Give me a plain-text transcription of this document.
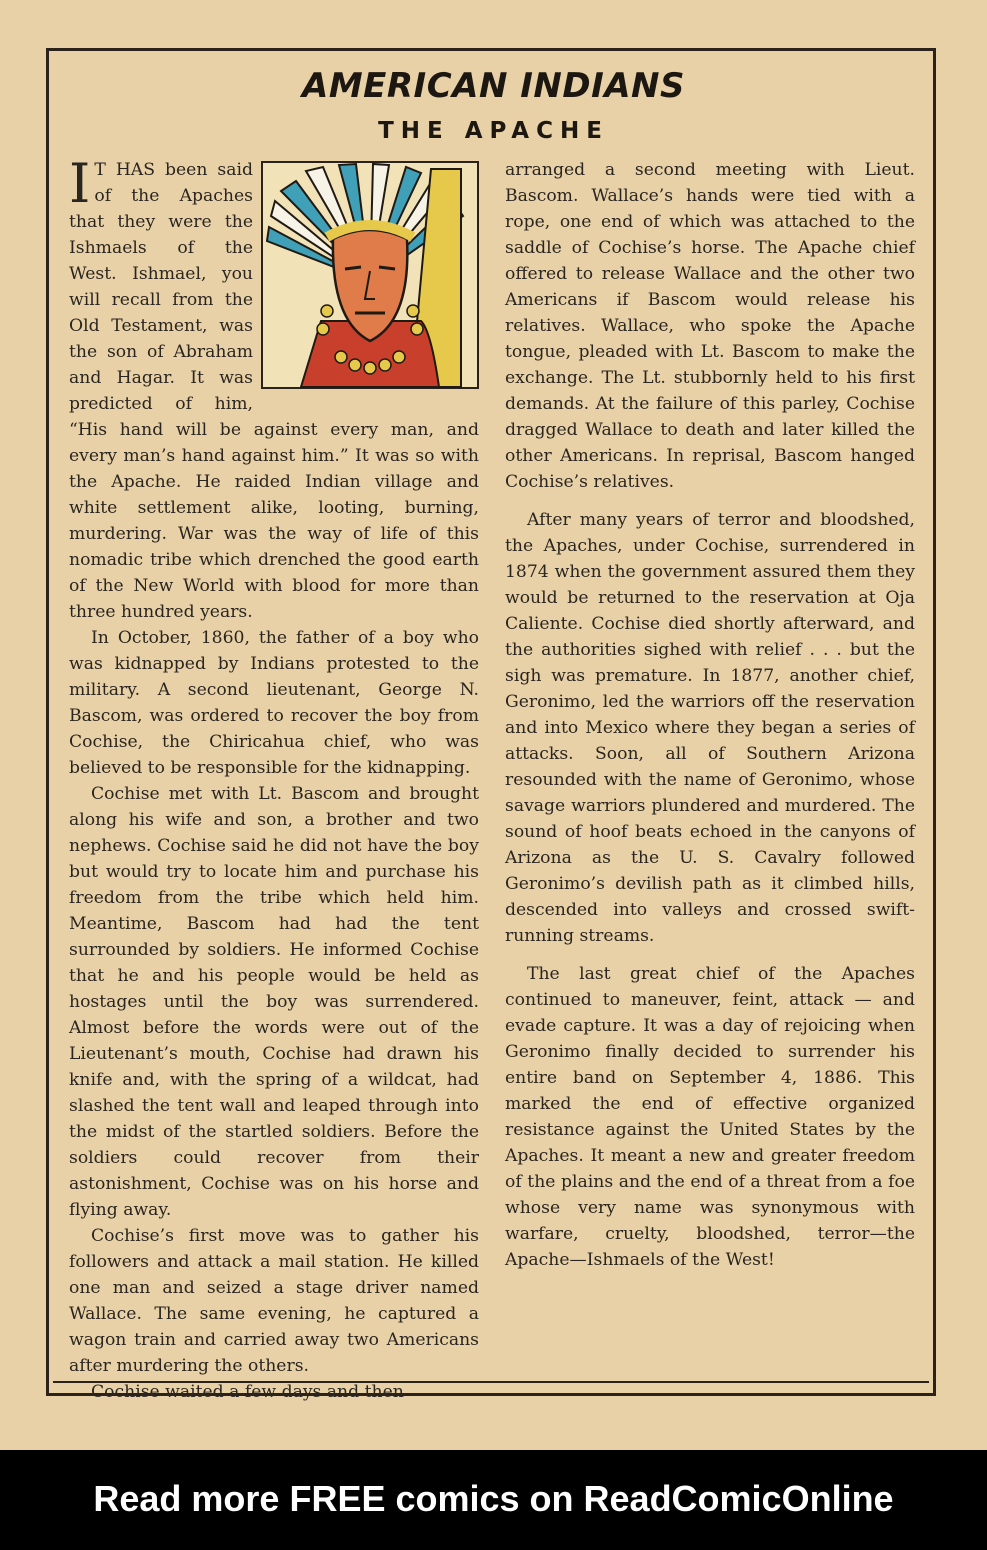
AMERICAN INDIANS
THE APACHE

I T HAS been said of the Apaches that they were the Ishmaels of the West. Ishmael, you will recall from the Old Testament, was the son of Abraham and Hagar. It was predicted of him, “His hand will be against every man, and every man’s hand against him.” It was so with the Apache. He raided Indian village and white settlement alike, looting, burning, murdering. War was the way of life of this nomadic tribe which drenched the good earth of the New World with blood for more than three hundred years.

In October, 1860, the father of a boy who was kidnapped by Indians protested to the military. A second lieutenant, George N. Bascom, was ordered to recover the boy from Cochise, the Chiricahua chief, who was believed to be responsible for the kidnapping.

Cochise met with Lt. Bascom and brought along his wife and son, a brother and two nephews. Cochise said he did not have the boy but would try to locate him and purchase his freedom from the tribe which held him. Meantime, Bascom had had the tent surrounded by soldiers. He informed Cochise that he and his people would be held as hostages until the boy was surrendered. Almost before the words were out of the Lieutenant’s mouth, Cochise had drawn his knife and, with the spring of a wildcat, had slashed the tent wall and leaped through into the midst of the startled soldiers. Before the soldiers could recover from their astonishment, Cochise was on his horse and flying away.

Cochise’s first move was to gather his followers and attack a mail station. He killed one man and seized a stage driver named Wallace. The same evening, he captured a wagon train and carried away two Americans after murdering the others.

Cochise waited a few days and then

arranged a second meeting with Lieut. Bascom. Wallace’s hands were tied with a rope, one end of which was attached to the saddle of Cochise’s horse. The Apache chief offered to release Wallace and the other two Americans if Bascom would release his relatives. Wallace, who spoke the Apache tongue, pleaded with Lt. Bascom to make the exchange. The Lt. stubbornly held to his first demands. At the failure of this parley, Cochise dragged Wallace to death and later killed the other Americans. In reprisal, Bascom hanged Cochise’s relatives.

After many years of terror and bloodshed, the Apaches, under Cochise, surrendered in 1874 when the government assured them they would be returned to the reservation at Oja Caliente. Cochise died shortly afterward, and the authorities sighed with relief . . . but the sigh was premature. In 1877, another chief, Geronimo, led the warriors off the reservation and into Mexico where they began a series of attacks. Soon, all of Southern Arizona resounded with the name of Geronimo, whose savage warriors plundered and murdered. The sound of hoof beats echoed in the canyons of Arizona as the U. S. Cavalry followed Geronimo’s devilish path as it climbed hills, descended into valleys and crossed swift-running streams.

The last great chief of the Apaches continued to maneuver, feint, attack — and evade capture. It was a day of rejoicing when Geronimo finally decided to surrender his entire band on September 4, 1886. This marked the end of effective organized resistance against the United States by the Apaches. It meant a new and greater freedom of the plains and the end of a threat from a foe whose very name was synonymous with warfare, cruelty, bloodshed, terror—the Apache—Ishmaels of the West!

Read more FREE comics on ReadComicOnline
